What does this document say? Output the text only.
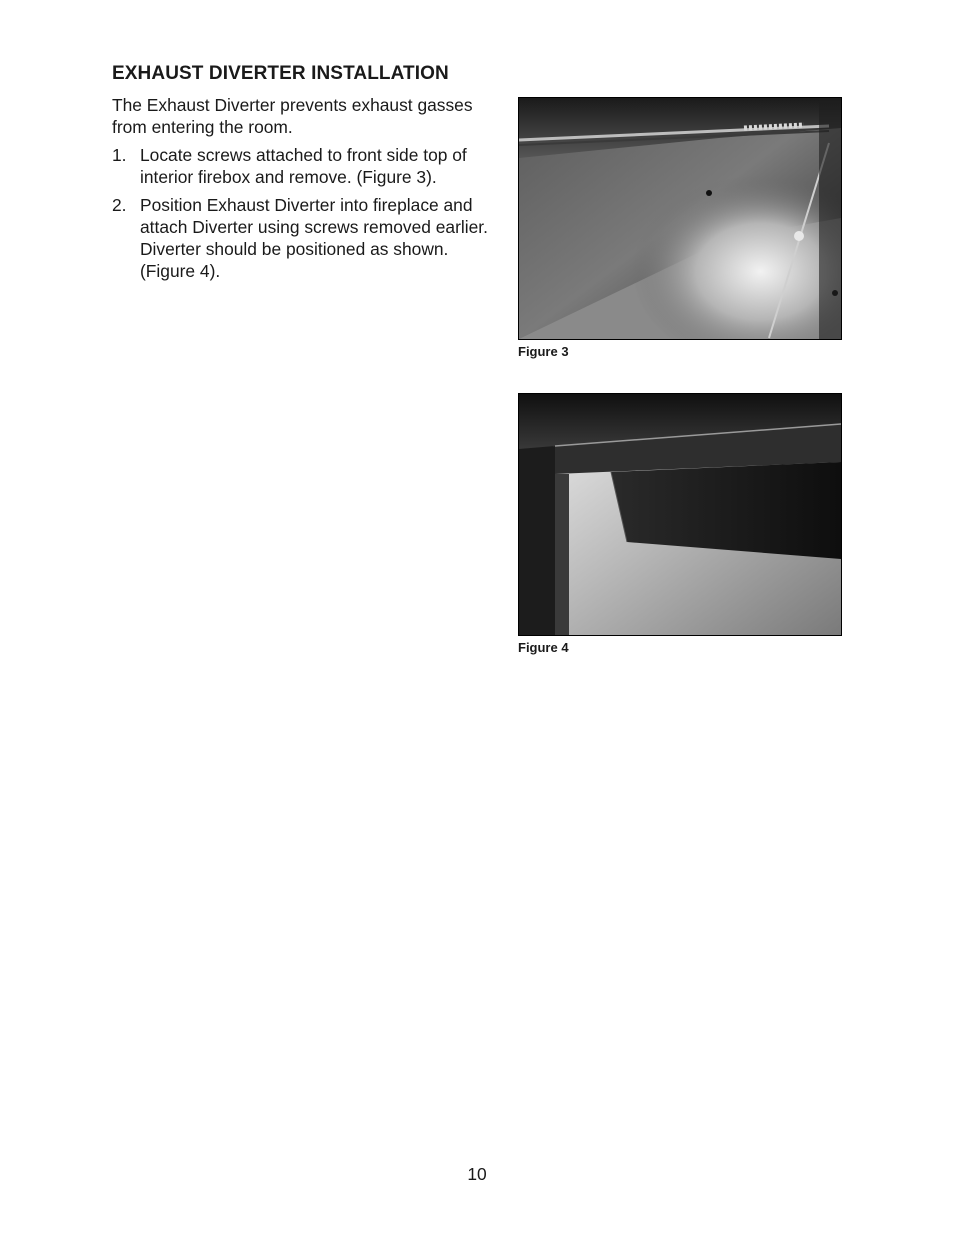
EXHAUST DIVERTER INSTALLATION

The Exhaust Diverter prevents exhaust gasses from entering the room.

1. Locate screws attached to front side top of interior firebox and remove. (Figure 3).
2. Position Exhaust Diverter into fireplace and attach Diverter using screws removed earlier. Diverter should be positioned as shown. (Figure 4).
Figure 3
Figure 4
10
